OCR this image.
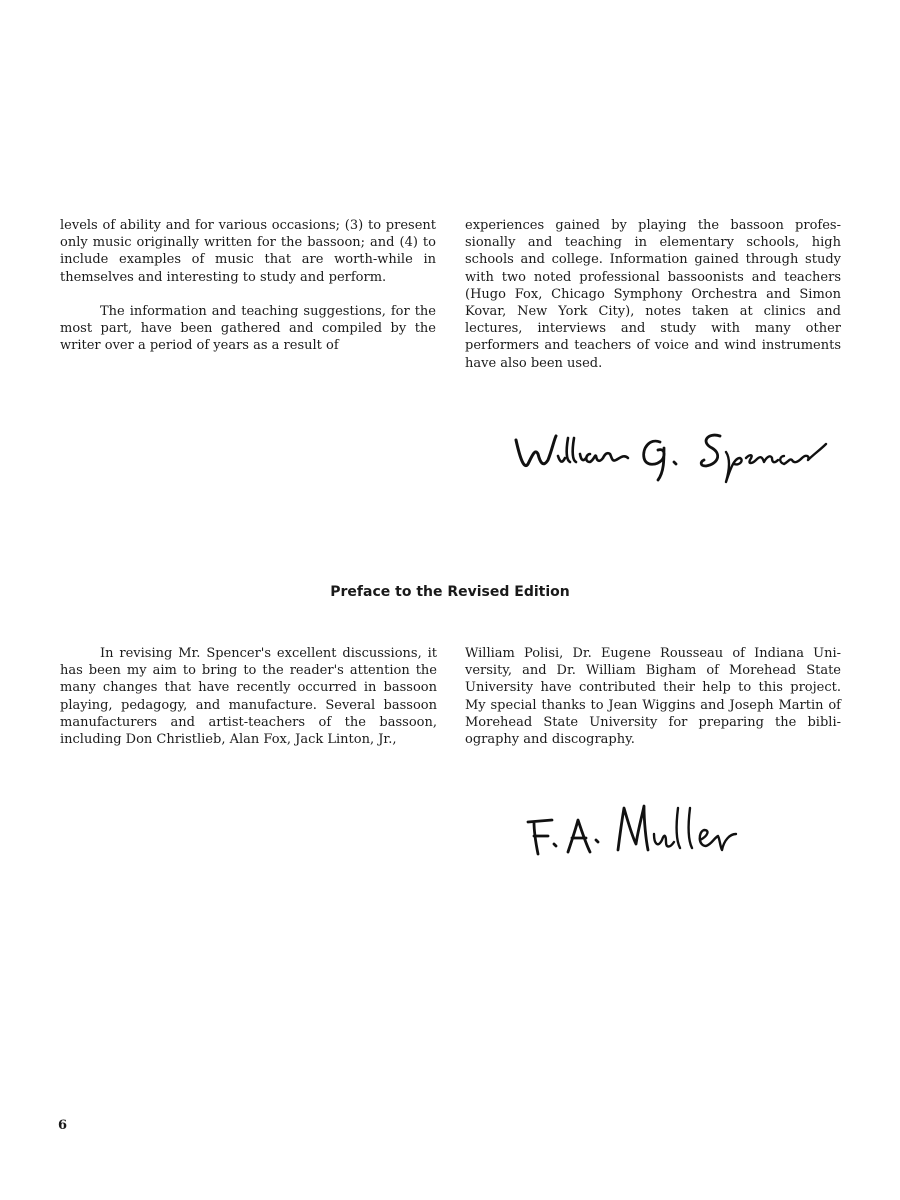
levels of ability and for various occasions; (3) to present only music originally written for the bassoon; and (4) to include examples of music that are worth-while in themselves and interesting to study and perform.

The information and teaching suggestions, for the most part, have been gathered and compiled by the writer over a period of years as a result of

experiences gained by playing the bassoon profes-sionally and teaching in elementary schools, high schools and college. Information gained through study with two noted professional bassoonists and teachers (Hugo Fox, Chicago Symphony Orchestra and Simon Kovar, New York City), notes taken at clinics and lectures, interviews and study with many other performers and teachers of voice and wind instruments have also been used.

Preface to the Revised Edition

In revising Mr. Spencer's excellent discussions, it has been my aim to bring to the reader's attention the many changes that have recently occurred in bassoon playing, pedagogy, and manufacture. Several bassoon manufacturers and artist-teachers of the bassoon, including Don Christlieb, Alan Fox, Jack Linton, Jr.,

William Polisi, Dr. Eugene Rousseau of Indiana Uni-versity, and Dr. William Bigham of Morehead State University have contributed their help to this project. My special thanks to Jean Wiggins and Joseph Martin of Morehead State University for preparing the bibli-ography and discography.

6
